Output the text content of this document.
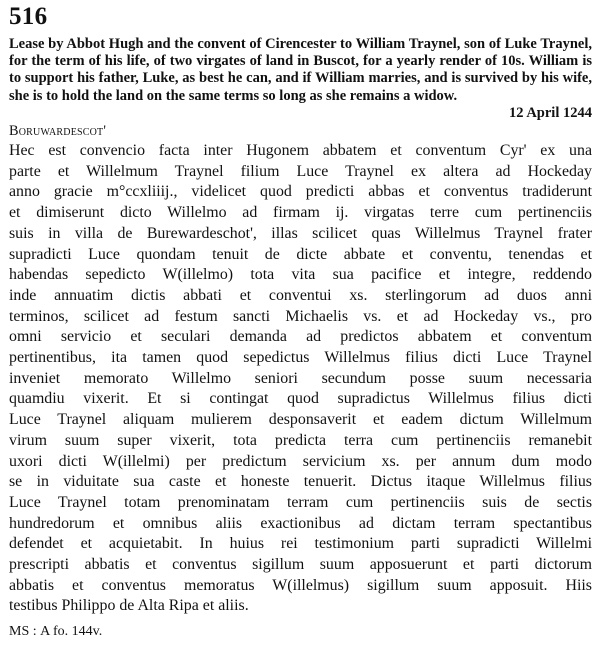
516
Lease by Abbot Hugh and the convent of Cirencester to William Traynel, son of Luke Traynel, for the term of his life, of two virgates of land in Buscot, for a yearly render of 10s. William is to support his father, Luke, as best he can, and if William marries, and is survived by his wife, she is to hold the land on the same terms so long as she remains a widow.
12 April 1244
Boruwardescot'
Hec est convencio facta inter Hugonem abbatem et conventum Cyr' ex una
parte et Willelmum Traynel filium Luce Traynel ex altera ad Hockeday
anno gracie m°ccxliiij., videlicet quod predicti abbas et conventus tradiderunt
et dimiserunt dicto Willelmo ad firmam ij. virgatas terre cum pertinenciis
suis in villa de Burewardeschot', illas scilicet quas Willelmus Traynel frater
supradicti Luce quondam tenuit de dicte abbate et conventu, tenendas et
habendas sepedicto W(illelmo) tota vita sua pacifice et integre, reddendo
inde annuatim dictis abbati et conventui xs. sterlingorum ad duos anni
terminos, scilicet ad festum sancti Michaelis vs. et ad Hockeday vs., pro
omni servicio et seculari demanda ad predictos abbatem et conventum
pertinentibus, ita tamen quod sepedictus Willelmus filius dicti Luce Traynel
inveniet memorato Willelmo seniori secundum posse suum necessaria
quamdiu vixerit. Et si contingat quod supradictus Willelmus filius dicti
Luce Traynel aliquam mulierem desponsaverit et eadem dictum Willelmum
virum suum super vixerit, tota predicta terra cum pertinenciis remanebit
uxori dicti W(illelmi) per predictum servicium xs. per annum dum modo
se in viduitate sua caste et honeste tenuerit. Dictus itaque Willelmus filius
Luce Traynel totam prenominatam terram cum pertinenciis suis de sectis
hundredorum et omnibus aliis exactionibus ad dictam terram spectantibus
defendet et acquietabit. In huius rei testimonium parti supradicti Willelmi
prescripti abbatis et conventus sigillum suum apposuerunt et parti dictorum
abbatis et conventus memoratus W(illelmus) sigillum suum apposuit. Hiis
testibus Philippo de Alta Ripa et aliis.
MS : A fo. 144v.
